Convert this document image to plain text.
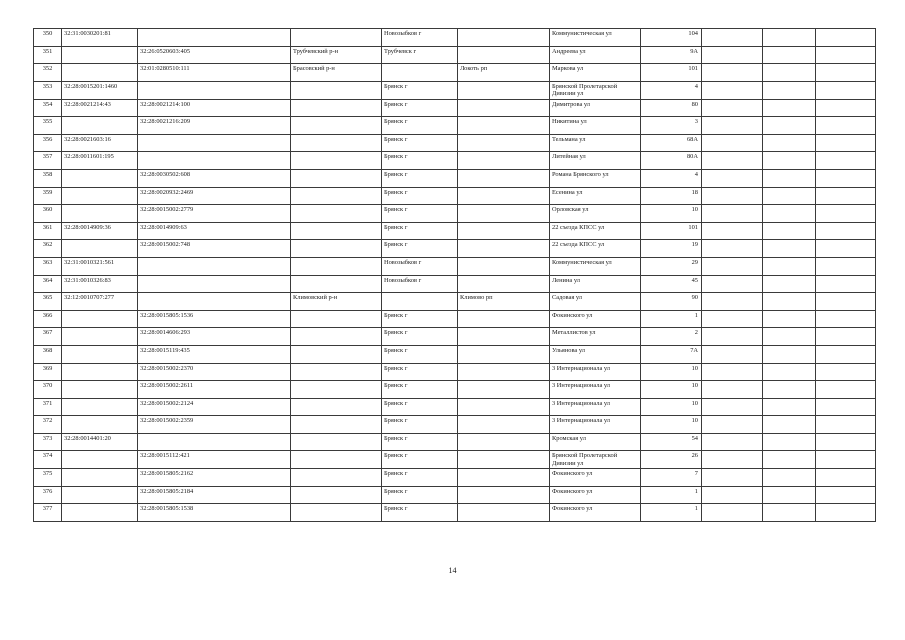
350	32:31:0030201:81			Новозыбков г		Коммунистическая ул	104			
351		32:26:0520603:405	Трубчевский р-н	Трубчевск г		Андреева ул	9А			
352		32:01:0280510:111	Брасовский р-н		Локоть рп	Маркова ул	101			
353	32:28:0015201:1460			Брянск г		Брянской Пролетарской Дивизии ул	4			
354	32:28:0021214:43	32:28:0021214:100		Брянск г		Димитрова ул	80			
355		32:28:0021216:209		Брянск г		Никитина ул	3			
356	32:28:0021603:16			Брянск г		Тельмана ул	68А			
357	32:28:0011601:195			Брянск г		Литейная ул	80А			
358		32:28:0030502:608		Брянск г		Романа Брянского ул	4			
359		32:28:0020932:2469		Брянск г		Есенина ул	18			
360		32:28:0015002:2779		Брянск г		Орловская ул	10			
361	32:28:0014909:36	32:28:0014909:63		Брянск г		22 съезда КПСС ул	101			
362		32:28:0015002:748		Брянск г		22 съезда КПСС ул	19			
363	32:31:0010321:561			Новозыбков г		Коммунистическая ул	29			
364	32:31:0010326:83			Новозыбков г		Ленина ул	45			
365	32:12:0010707:277		Климовский р-н		Климово рп	Садовая ул	90			
366		32:28:0015805:1536		Брянск г		Фокинского ул	1			
367		32:28:0014606:293		Брянск г		Металлистов ул	2			
368		32:28:0015119:435		Брянск г		Ульянова ул	7А			
369		32:28:0015002:2370		Брянск г		3 Интернационала ул	10			
370		32:28:0015002:2611		Брянск г		3 Интернационала ул	10			
371		32:28:0015002:2124		Брянск г		3 Интернационала ул	10			
372		32:28:0015002:2359		Брянск г		3 Интернационала ул	10			
373	32:28:0014401:20			Брянск г		Кромская ул	54			
374		32:28:0015112:421		Брянск г		Брянской Пролетарской Дивизии ул	26			
375		32:28:0015805:2162		Брянск г		Фокинского ул	7			
376		32:28:0015805:2184		Брянск г		Фокинского ул	1			
377		32:28:0015805:1538		Брянск г		Фокинского ул	1			
14
